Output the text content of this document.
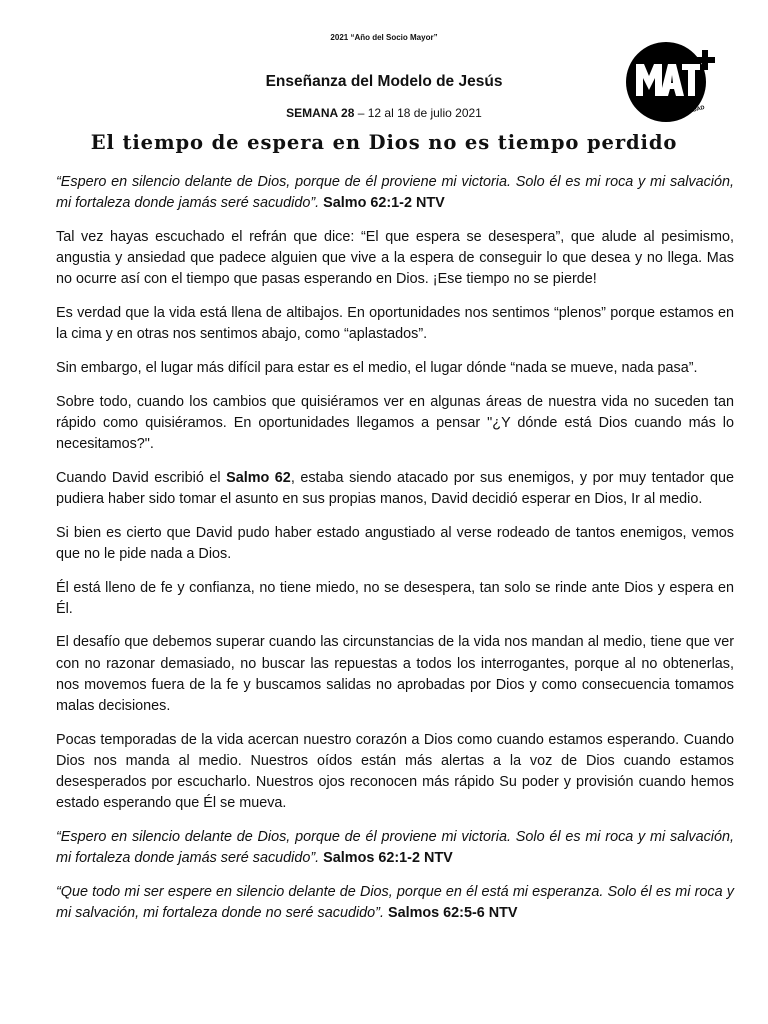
2021 “Año del Socio Mayor”
Enseñanza del Modelo de Jesús
SEMANA 28 – 12 al 18 de julio 2021
El tiempo de espera en Dios no es tiempo perdido
LA COMUNIDAD

“Espero en silencio delante de Dios, porque de él proviene mi victoria. Solo él es mi roca y mi salvación, mi fortaleza donde jamás seré sacudido”. Salmo 62:1-2 NTV

Tal vez hayas escuchado el refrán que dice: “El que espera se desespera”, que alude al pesimismo, angustia y ansiedad que padece alguien que vive a la espera de conseguir lo que desea y no llega. Mas no ocurre así con el tiempo que pasas esperando en Dios. ¡Ese tiempo no se pierde!

Es verdad que la vida está llena de altibajos. En oportunidades nos sentimos “plenos” porque estamos en la cima y en otras nos sentimos abajo, como “aplastados”.

Sin embargo, el lugar más difícil para estar es el medio, el lugar dónde “nada se mueve, nada pasa”.

Sobre todo, cuando los cambios que quisiéramos ver en algunas áreas de nuestra vida no suceden tan rápido como quisiéramos. En oportunidades llegamos a pensar "¿Y dónde está Dios cuando más lo necesitamos?".

Cuando David escribió el Salmo 62, estaba siendo atacado por sus enemigos, y por muy tentador que pudiera haber sido tomar el asunto en sus propias manos, David decidió esperar en Dios, Ir al medio.

Si bien es cierto que David pudo haber estado angustiado al verse rodeado de tantos enemigos, vemos que no le pide nada a Dios.

Él está lleno de fe y confianza, no tiene miedo, no se desespera, tan solo se rinde ante Dios y espera en Él.

El desafío que debemos superar cuando las circunstancias de la vida nos mandan al medio, tiene que ver con no razonar demasiado, no buscar las repuestas a todos los interrogantes, porque al no obtenerlas, nos movemos fuera de la fe y buscamos salidas no aprobadas por Dios y como consecuencia tomamos malas decisiones.

Pocas temporadas de la vida acercan nuestro corazón a Dios como cuando estamos esperando. Cuando Dios nos manda al medio. Nuestros oídos están más alertas a la voz de Dios cuando estamos desesperados por escucharlo. Nuestros ojos reconocen más rápido Su poder y provisión cuando hemos estado esperando que Él se mueva.

“Espero en silencio delante de Dios, porque de él proviene mi victoria. Solo él es mi roca y mi salvación, mi fortaleza donde jamás seré sacudido”. Salmos 62:1-2 NTV

“Que todo mi ser espere en silencio delante de Dios, porque en él está mi esperanza. Solo él es mi roca y mi salvación, mi fortaleza donde no seré sacudido”. Salmos 62:5-6 NTV
